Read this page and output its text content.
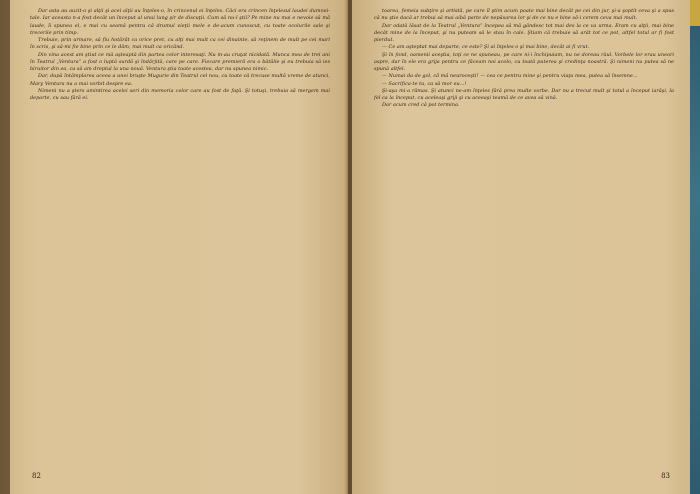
Dar asta au auzit-o şi alţii şi acei alţii au înţeles-o, în crincenul ei înţeles. Căci era crincen înţelesul laudei dumnei-tale. Iar aceasta n-a fost decât un început al unui lung şir de discuţii. Cum să nu-l ştii? Pe mine nu mai e nevoie să mă laude, îi spunea el, e mai cu seamă pentru că drumul vieţii mele e de-acum cunoscut, cu toate ocolurile sale şi trecerile prin timp.

Trebuie, prin urmare, să fiu hotărât ca orice pret, cu alţi mai mult ca cei dinainte, să reţinem de mult pe cei mari în scris, şi să-mi fie bine prin ce le dăm, mai mult ca oricând.

Din vina acest am ştiut ce mă aşteaptă din partea celor interesaţi. Nu m-au cruţat nicidată. Munca mea de trei ani în Teatrul „Ventura” a fost o luptă surdă şi îndârjită, care pe care. Fiecare premieră era o bătălie şi eu trebuia să ies biruitor din ea, ca să am dreptul la una nouă. Ventura ştia toate acestea, dar nu spunea nimic.

Dar, după întâmplarea aceea a unei bruşte Mugurie din Teatrul cel nou, cu toate că trecuse multă vreme de atunci, Mary Ventura nu a mai vorbit despre ea.

Nimeni nu a şters amintirea acelei seri din memoria celor care au fost de faţă. Şi totuşi, trebuia să mergem mai departe, cu sau fără ei.

82

toarea, femeia subţire şi artistă, pe care îl ştim acum poate mai bine decât pe cei din jur, şi-a şoptit ceva şi a spus că nu ştie dacă ar trebui să mai aibă parte de nepăsarea lor şi de ce nu e bine să-i cerem ceva mai mult.

Dar odată lăsat de la Teatrul „Ventura” începea să mă gândesc tot mai des la ce va urma. Eram cu alţii, mai bine decât mine de la început, şi nu puteam să le stau în cale. Ştiam că trebuie să arăt tot ce pot, altfel totul ar fi fost pierdut.

— Ce am aşteptat mai departe, ce este? Şi ai înţeles-o şi mai bine, decât ai fi vrut.

Şi în fond, oamenii aceştia, toţi ce ne spuneau, pe care ni-i închipuiam, nu ne doreau răul. Vorbele lor erau uneori aspre, dar în ele era grija pentru ce făceam noi acolo, cu toată puterea şi credinţa noastră. Şi nimeni nu putea să ne spună altfel.

— Numai da de gol, cã mã neuroceşti! — cea ce pentru mine şi pentru viaţa mea, putea să însemne...

— Sacrifica-te tu, ca să mor eu...!

Şi-aşa mi-a rămas. Şi atunci ne-am înţeles fără prea multe vorbe. Dar nu a trecut mult şi totul a început iarăşi, la fel ca la început, cu aceleaşi griji şi cu aceeaşi teamă de ce avea să vină.

Dar acum cred că pot termina.

83
